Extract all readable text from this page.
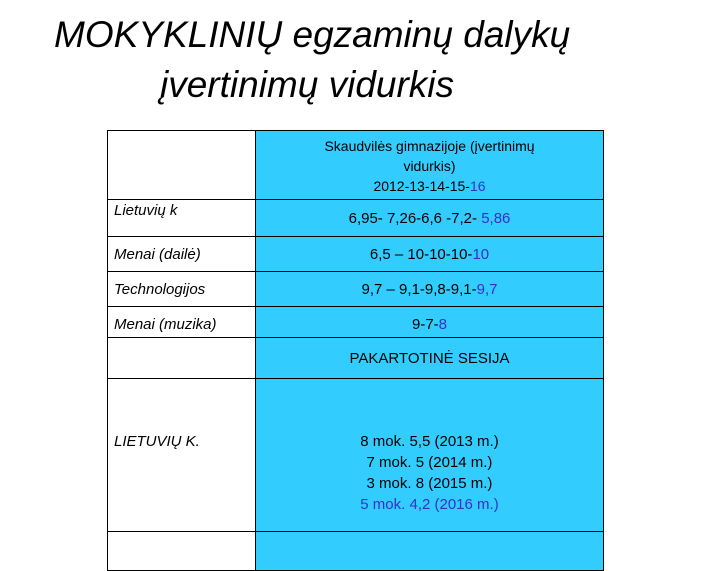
MOKYKLINIŲ egzaminų dalykų
įvertinimų vidurkis

	Skaudvilės gimnazijoje (įvertinimų
vidurkis)
2012-13-14-15-16

Lietuvių k	6,95- 7,26-6,6 -7,2- 5,86
Menai (dailė)	6,5 – 10-10-10-10
Technologijos	9,7 – 9,1-9,8-9,1-9,7
Menai (muzika)	9-7-8
	PAKARTOTINĖ SESIJA
LIETUVIŲ K.	8 mok. 5,5 (2013 m.)
7 mok. 5 (2014 m.)
3 mok. 8 (2015 m.)
5 mok. 4,2 (2016 m.)
